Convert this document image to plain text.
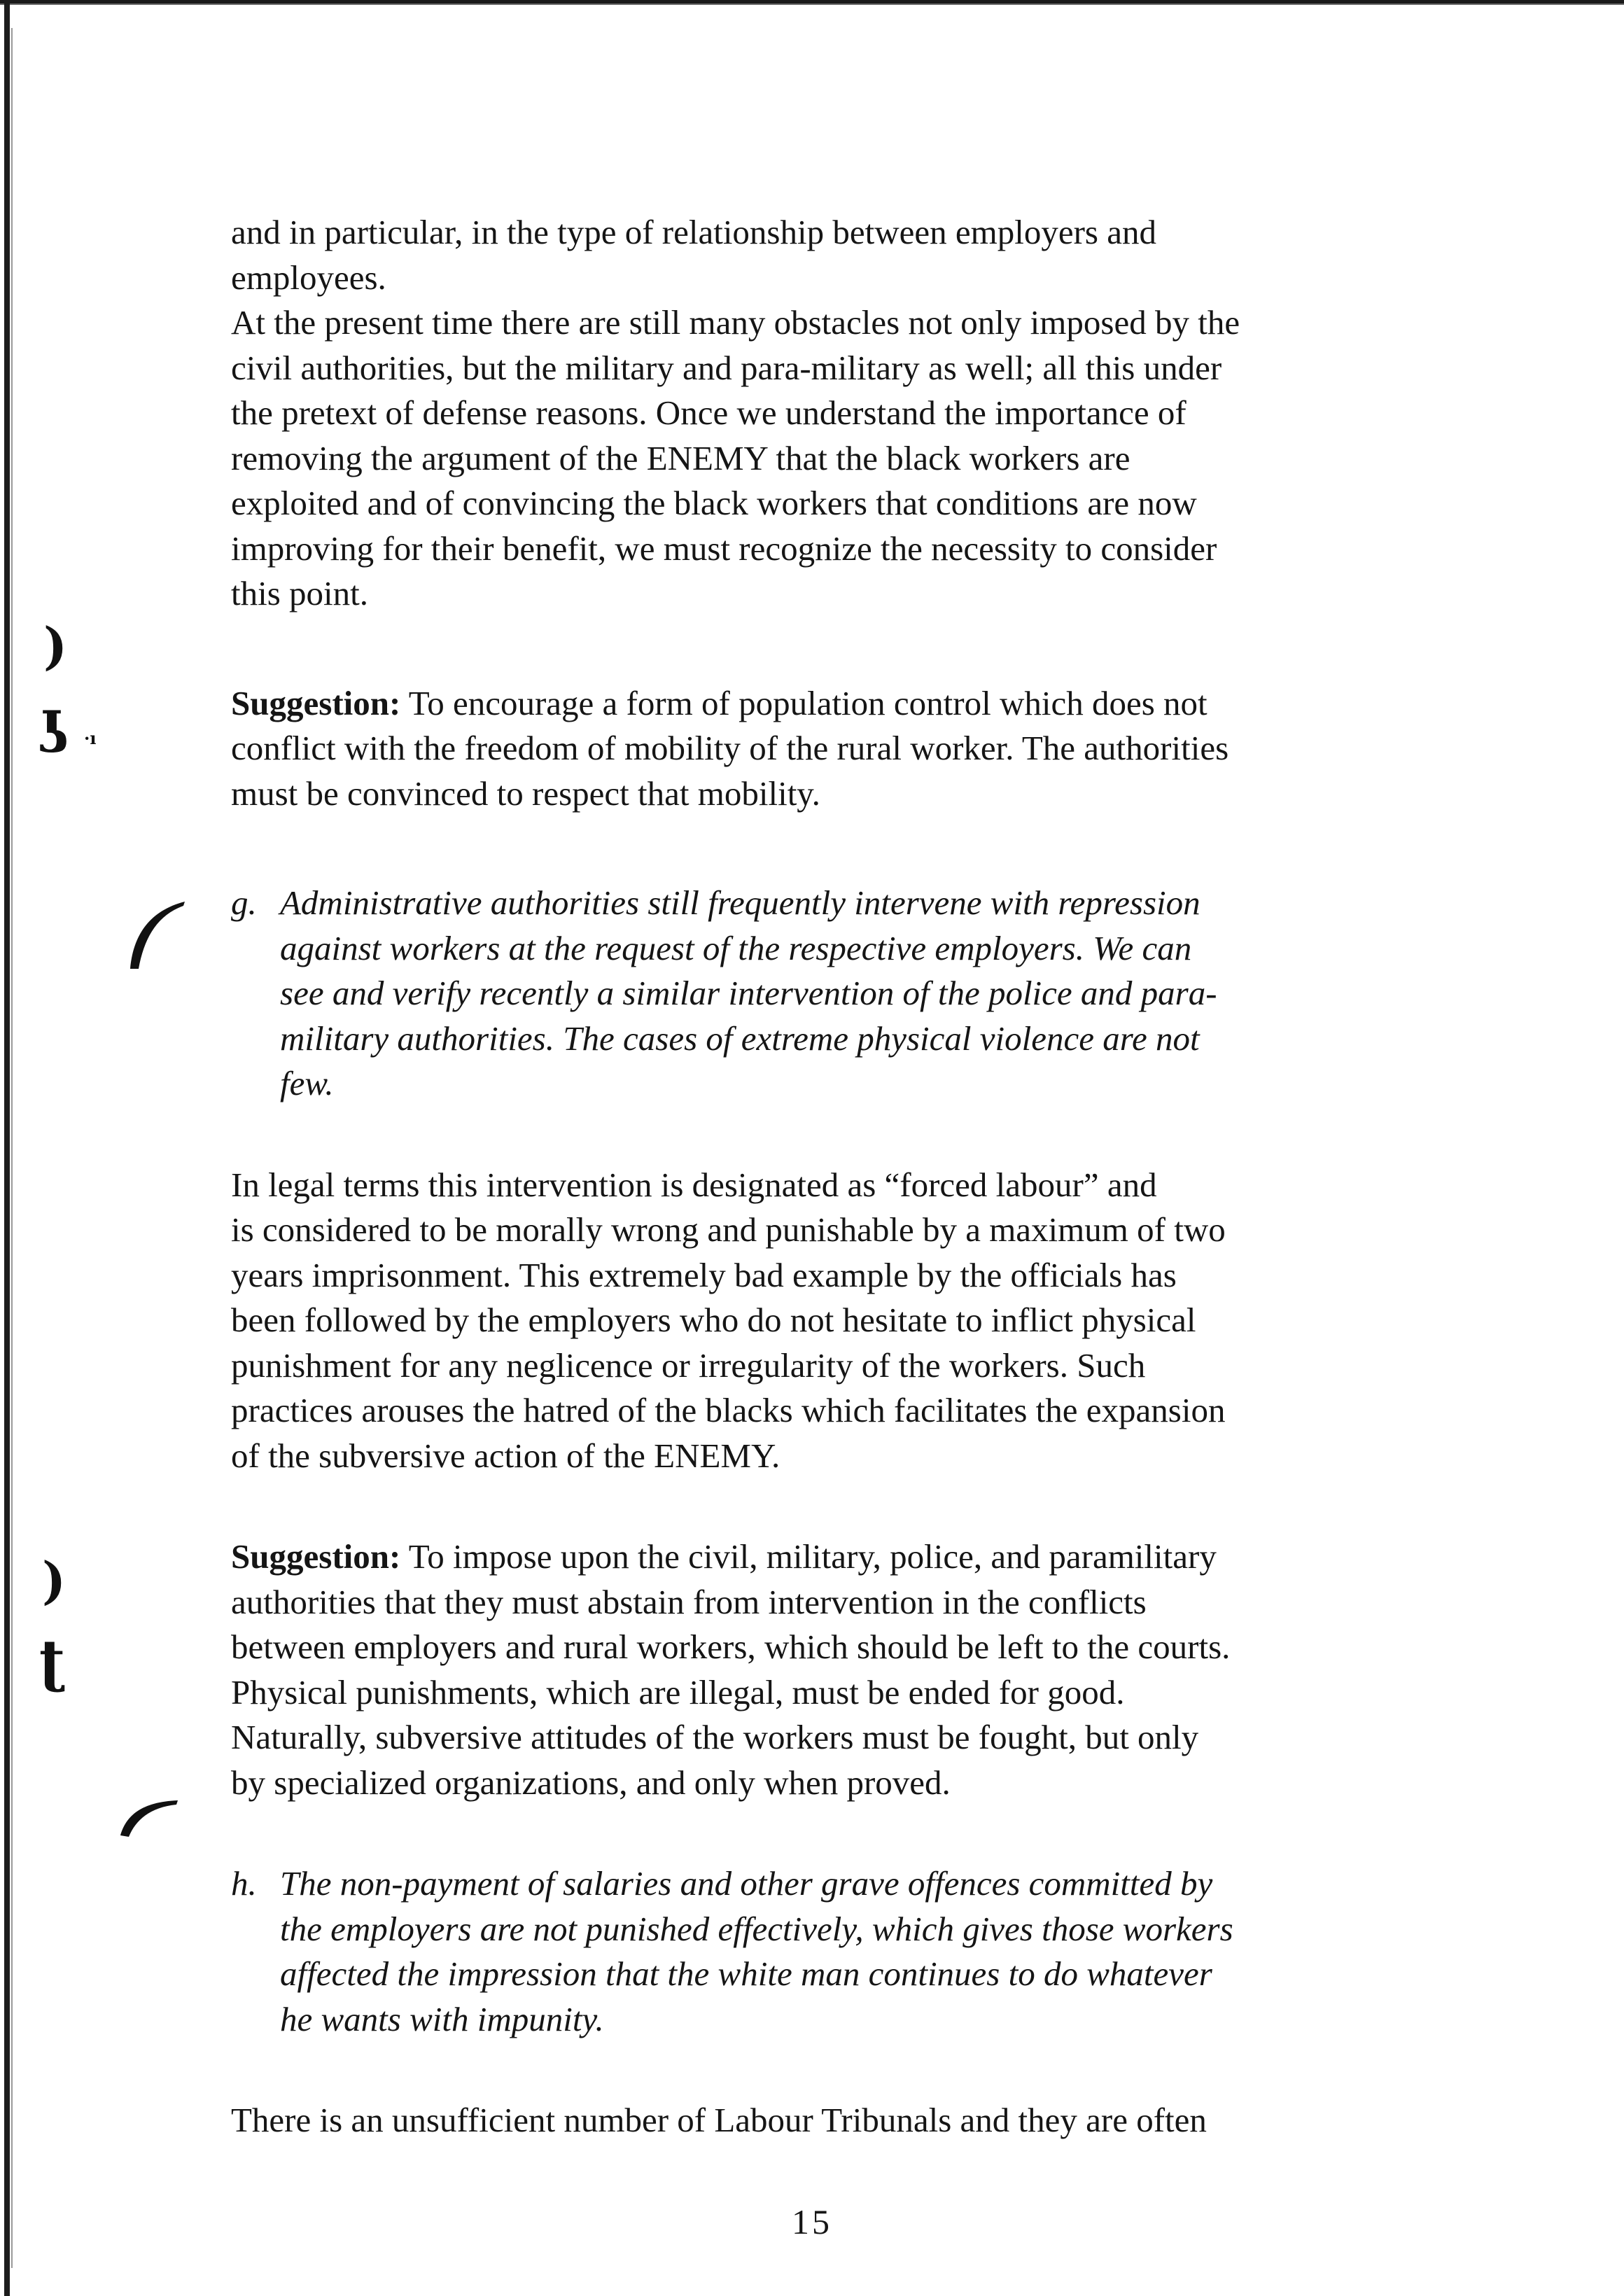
)
ʖ ·ı
)
ʈ

and in particular, in the type of relationship between employers and
employees.
At the present time there are still many obstacles not only imposed by the
civil authorities, but the military and para-military as well; all this under
the pretext of defense reasons. Once we understand the importance of
removing the argument of the ENEMY that the black workers are
exploited and of convincing the black workers that conditions are now
improving for their benefit, we must recognize the necessity to consider
this point.

Suggestion: To encourage a form of population control which does not
conflict with the freedom of mobility of the rural worker. The authorities
must be convinced to respect that mobility.

g. Administrative authorities still frequently intervene with repression
against workers at the request of the respective employers. We can
see and verify recently a similar intervention of the police and para-
military authorities. The cases of extreme physical violence are not
few.

In legal terms this intervention is designated as “forced labour” and
is considered to be morally wrong and punishable by a maximum of two
years imprisonment. This extremely bad example by the officials has
been followed by the employers who do not hesitate to inflict physical
punishment for any neglicence or irregularity of the workers. Such
practices arouses the hatred of the blacks which facilitates the expansion
of the subversive action of the ENEMY.

Suggestion: To impose upon the civil, military, police, and paramilitary
authorities that they must abstain from intervention in the conflicts
between employers and rural workers, which should be left to the courts.
Physical punishments, which are illegal, must be ended for good.
Naturally, subversive attitudes of the workers must be fought, but only
by specialized organizations, and only when proved.

h. The non-payment of salaries and other grave offences committed by
the employers are not punished effectively, which gives those workers
affected the impression that the white man continues to do whatever
he wants with impunity.

There is an unsufficient number of Labour Tribunals and they are often

15
